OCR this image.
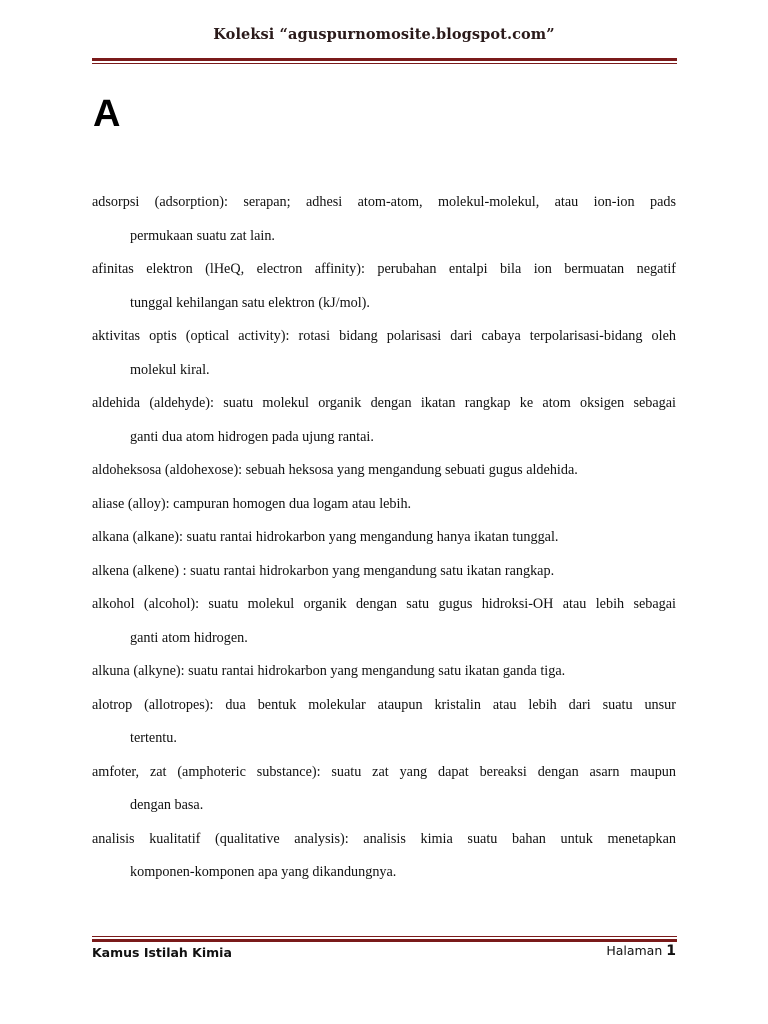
Koleksi “aguspurnomosite.blogspot.com”
A
adsorpsi (adsorption): serapan; adhesi atom-atom, molekul-molekul, atau ion-ion pads
permukaan suatu zat lain.
afinitas elektron (lHeQ, electron affinity): perubahan entalpi bila ion bermuatan negatif
tunggal kehilangan satu elektron (kJ/mol).
aktivitas optis (optical activity): rotasi bidang polarisasi dari cabaya terpolarisasi-bidang oleh
molekul kiral.
aldehida (aldehyde): suatu molekul organik dengan ikatan rangkap ke atom oksigen sebagai
ganti dua atom hidrogen pada ujung rantai.
aldoheksosa (aldohexose): sebuah heksosa yang mengandung sebuati gugus aldehida.
aliase (alloy): campuran homogen dua logam atau lebih.
alkana (alkane): suatu rantai hidrokarbon yang mengandung hanya ikatan tunggal.
alkena (alkene) : suatu rantai hidrokarbon yang mengandung satu ikatan rangkap.
alkohol (alcohol): suatu molekul organik dengan satu gugus hidroksi-OH atau lebih sebagai
ganti atom hidrogen.
alkuna (alkyne): suatu rantai hidrokarbon yang mengandung satu ikatan ganda tiga.
alotrop (allotropes): dua bentuk molekular ataupun kristalin atau lebih dari suatu unsur
tertentu.
amfoter, zat (amphoteric substance): suatu zat yang dapat bereaksi dengan asarn maupun
dengan basa.
analisis kualitatif (qualitative analysis): analisis kimia suatu bahan untuk menetapkan
komponen-komponen apa yang dikandungnya.
Kamus Istilah Kimia	Halaman 1
